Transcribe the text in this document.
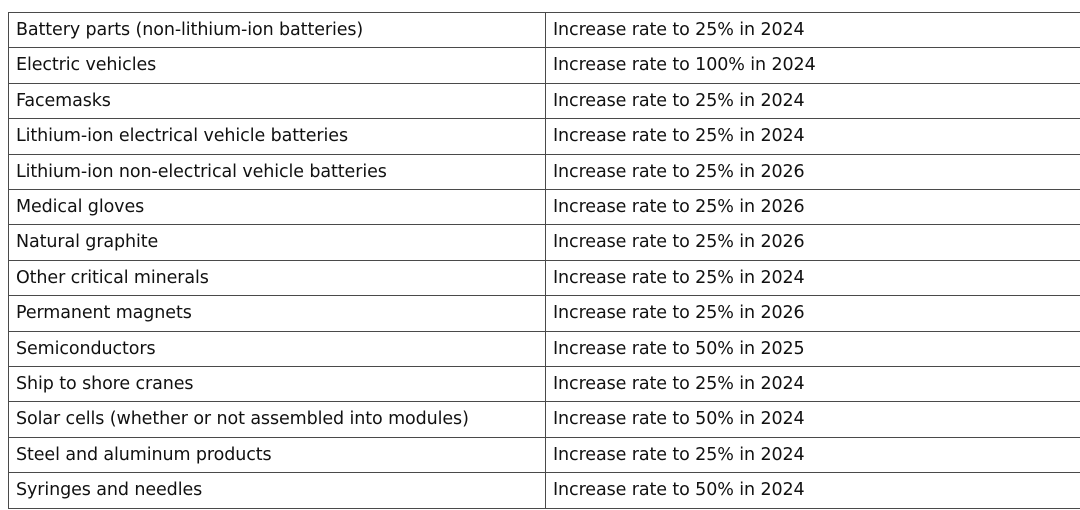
Battery parts (non-lithium-ion batteries)	Increase rate to 25% in 2024
Electric vehicles	Increase rate to 100% in 2024
Facemasks	Increase rate to 25% in 2024
Lithium-ion electrical vehicle batteries	Increase rate to 25% in 2024
Lithium-ion non-electrical vehicle batteries	Increase rate to 25% in 2026
Medical gloves	Increase rate to 25% in 2026
Natural graphite	Increase rate to 25% in 2026
Other critical minerals	Increase rate to 25% in 2024
Permanent magnets	Increase rate to 25% in 2026
Semiconductors	Increase rate to 50% in 2025
Ship to shore cranes	Increase rate to 25% in 2024
Solar cells (whether or not assembled into modules)	Increase rate to 50% in 2024
Steel and aluminum products	Increase rate to 25% in 2024
Syringes and needles	Increase rate to 50% in 2024
